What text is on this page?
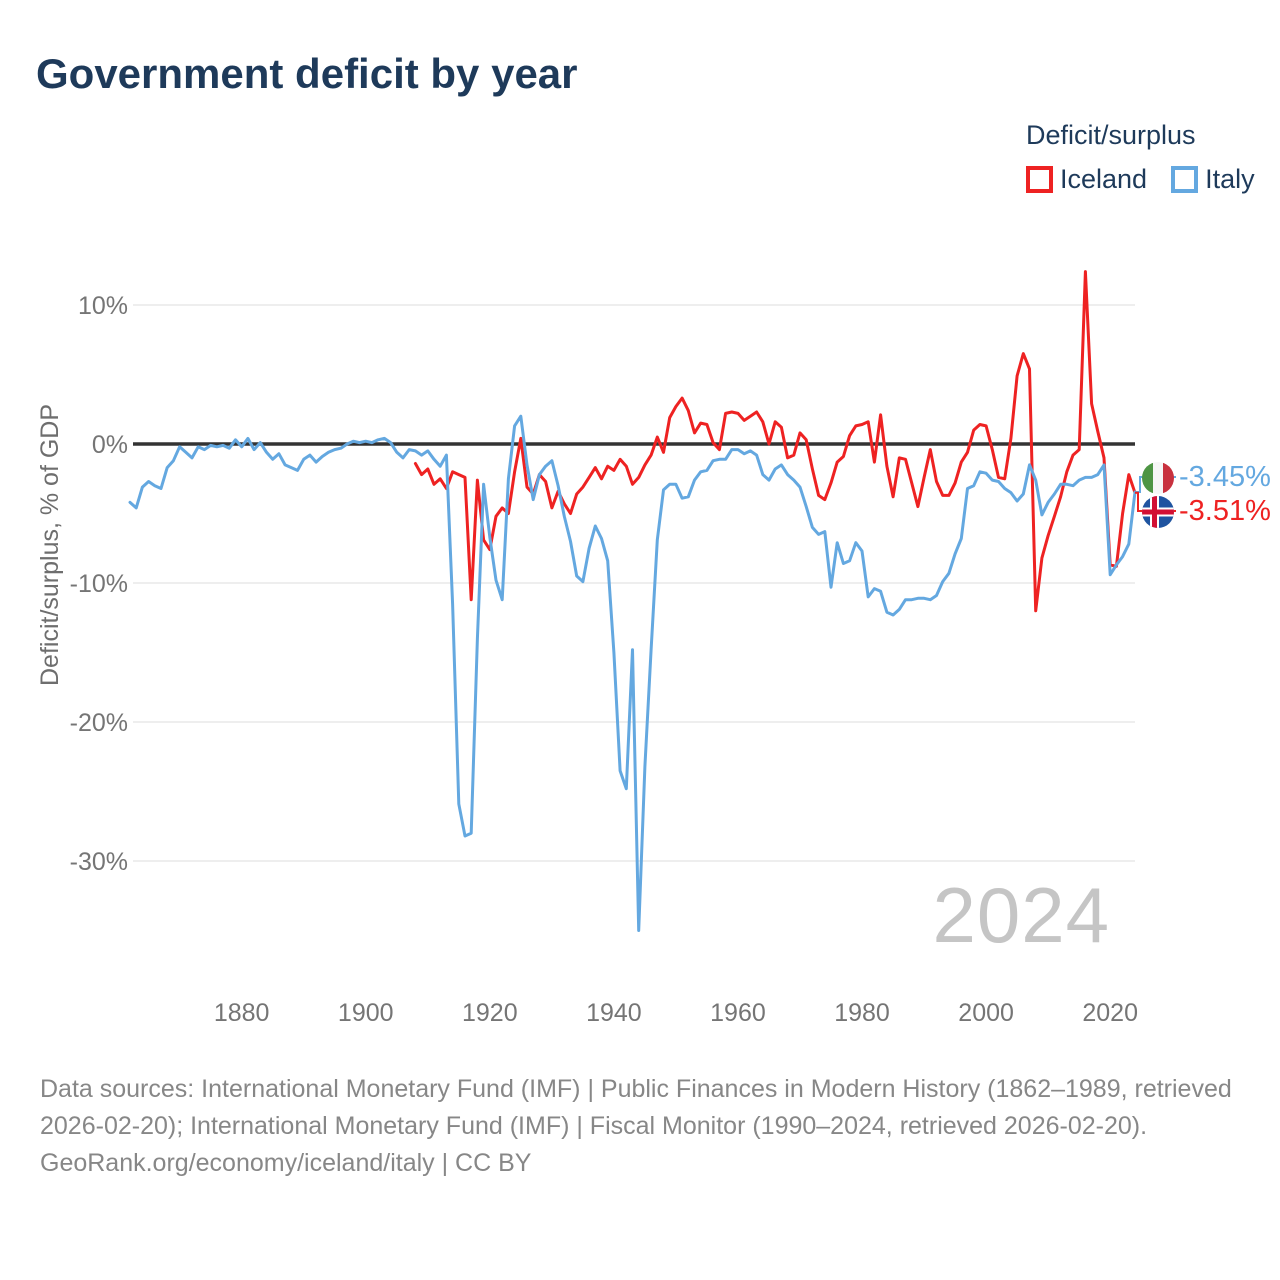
Government deficit by year
Deficit/surplus
Iceland Italy
10%
0%
-10%
-20%
-30%
1880	1900	1920	1940	1960	1980	2000	2020
Deficit/surplus, % of GDP
2024
-3.45%
-3.51%
Data sources: International Monetary Fund (IMF) | Public Finances in Modern History (1862–1989, retrieved 2026-02-20); International Monetary Fund (IMF) | Fiscal Monitor (1990–2024, retrieved 2026-02-20).
GeoRank.org/economy/iceland/italy | CC BY
